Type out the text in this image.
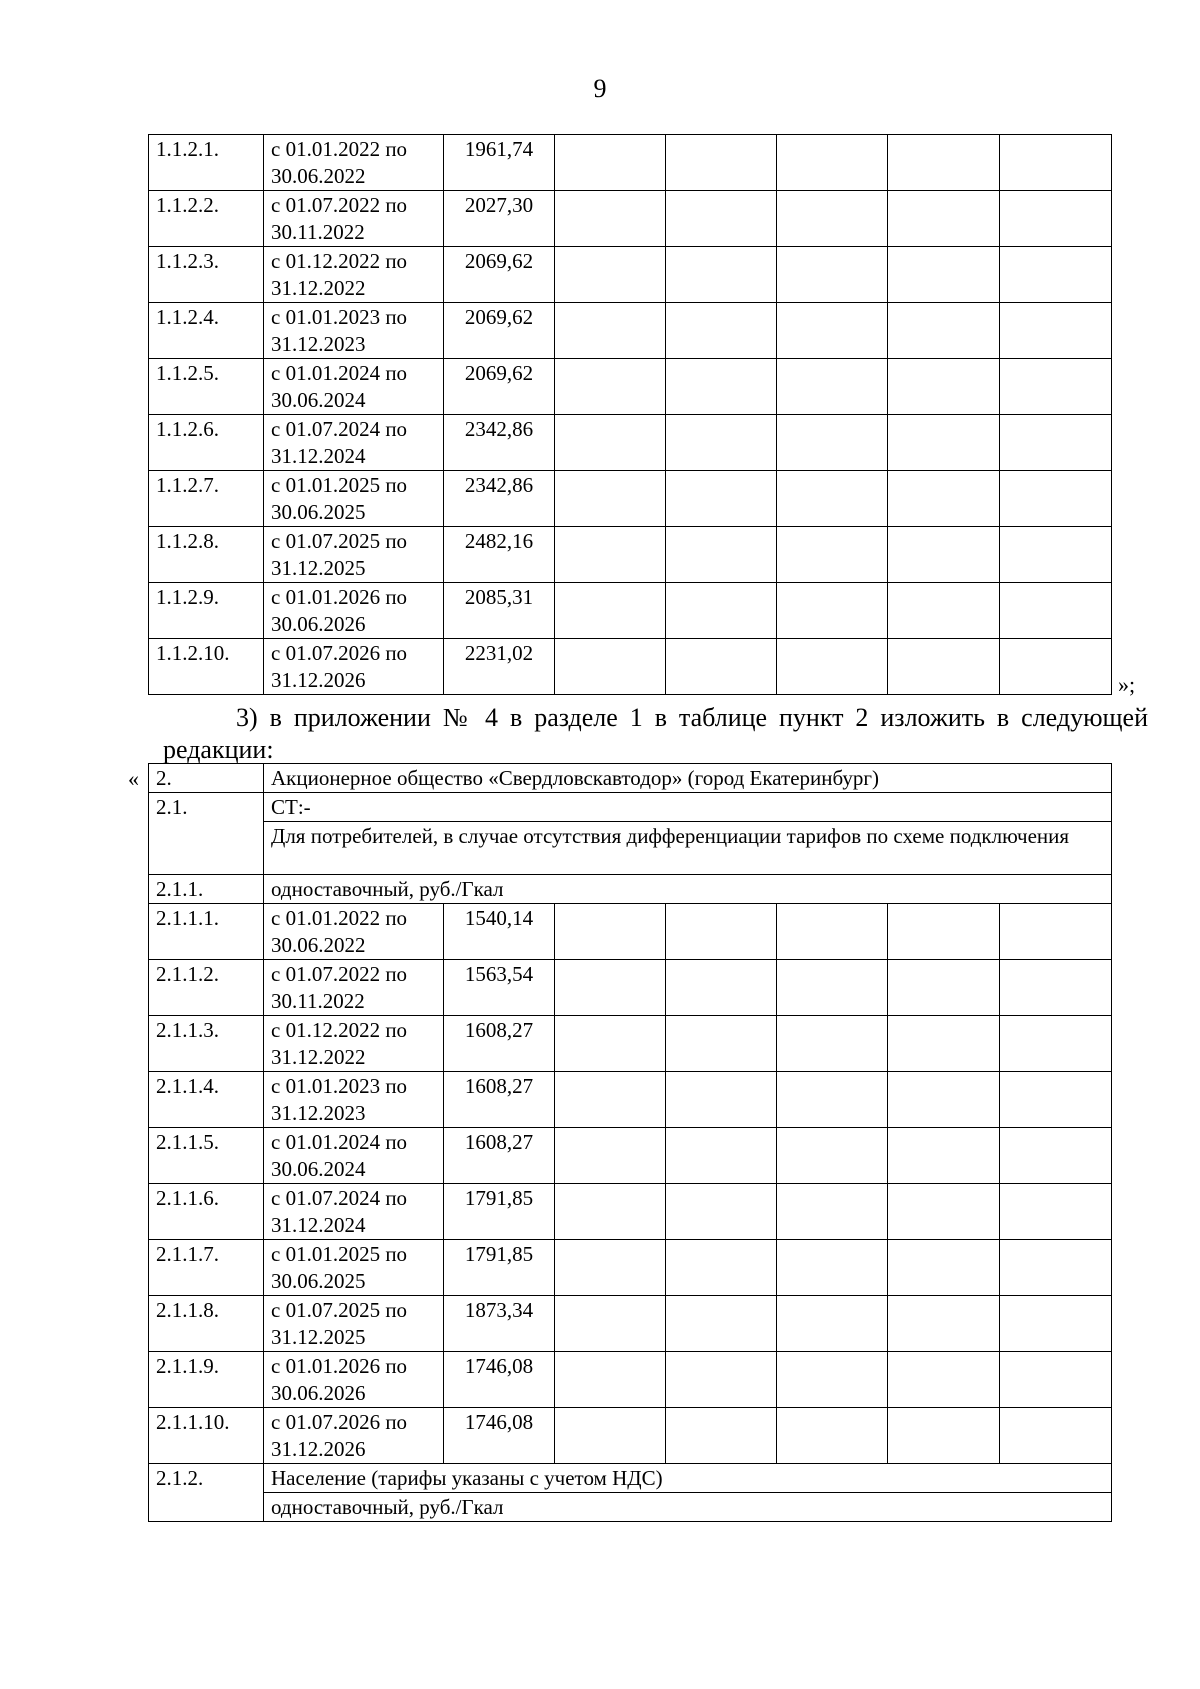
9
1.1.2.1.	с 01.01.2022 по 30.06.2022	1961,74					
1.1.2.2.	с 01.07.2022 по 30.11.2022	2027,30					
1.1.2.3.	с 01.12.2022 по 31.12.2022	2069,62					
1.1.2.4.	с 01.01.2023 по 31.12.2023	2069,62					
1.1.2.5.	с 01.01.2024 по 30.06.2024	2069,62					
1.1.2.6.	с 01.07.2024 по 31.12.2024	2342,86					
1.1.2.7.	с 01.01.2025 по 30.06.2025	2342,86					
1.1.2.8.	с 01.07.2025 по 31.12.2025	2482,16					
1.1.2.9.	с 01.01.2026 по 30.06.2026	2085,31					
1.1.2.10.	с 01.07.2026 по 31.12.2026	2231,02					
»;

3) в приложении № 4 в разделе 1 в таблице пункт 2 изложить в следующей редакции:

« 2.	Акционерное общество «Свердловскавтодор» (город Екатеринбург)						
2.1.	СТ:-						
	Для потребителей, в случае отсутствия дифференциации тарифов по схеме подключения						
2.1.1.	одноставочный, руб./Гкал						
2.1.1.1.	с 01.01.2022 по 30.06.2022	1540,14					
2.1.1.2.	с 01.07.2022 по 30.11.2022	1563,54					
2.1.1.3.	с 01.12.2022 по 31.12.2022	1608,27					
2.1.1.4.	с 01.01.2023 по 31.12.2023	1608,27					
2.1.1.5.	с 01.01.2024 по 30.06.2024	1608,27					
2.1.1.6.	с 01.07.2024 по 31.12.2024	1791,85					
2.1.1.7.	с 01.01.2025 по 30.06.2025	1791,85					
2.1.1.8.	с 01.07.2025 по 31.12.2025	1873,34					
2.1.1.9.	с 01.01.2026 по 30.06.2026	1746,08					
2.1.1.10.	с 01.07.2026 по 31.12.2026	1746,08					
2.1.2.	Население (тарифы указаны с учетом НДС)						
	одноставочный, руб./Гкал						
